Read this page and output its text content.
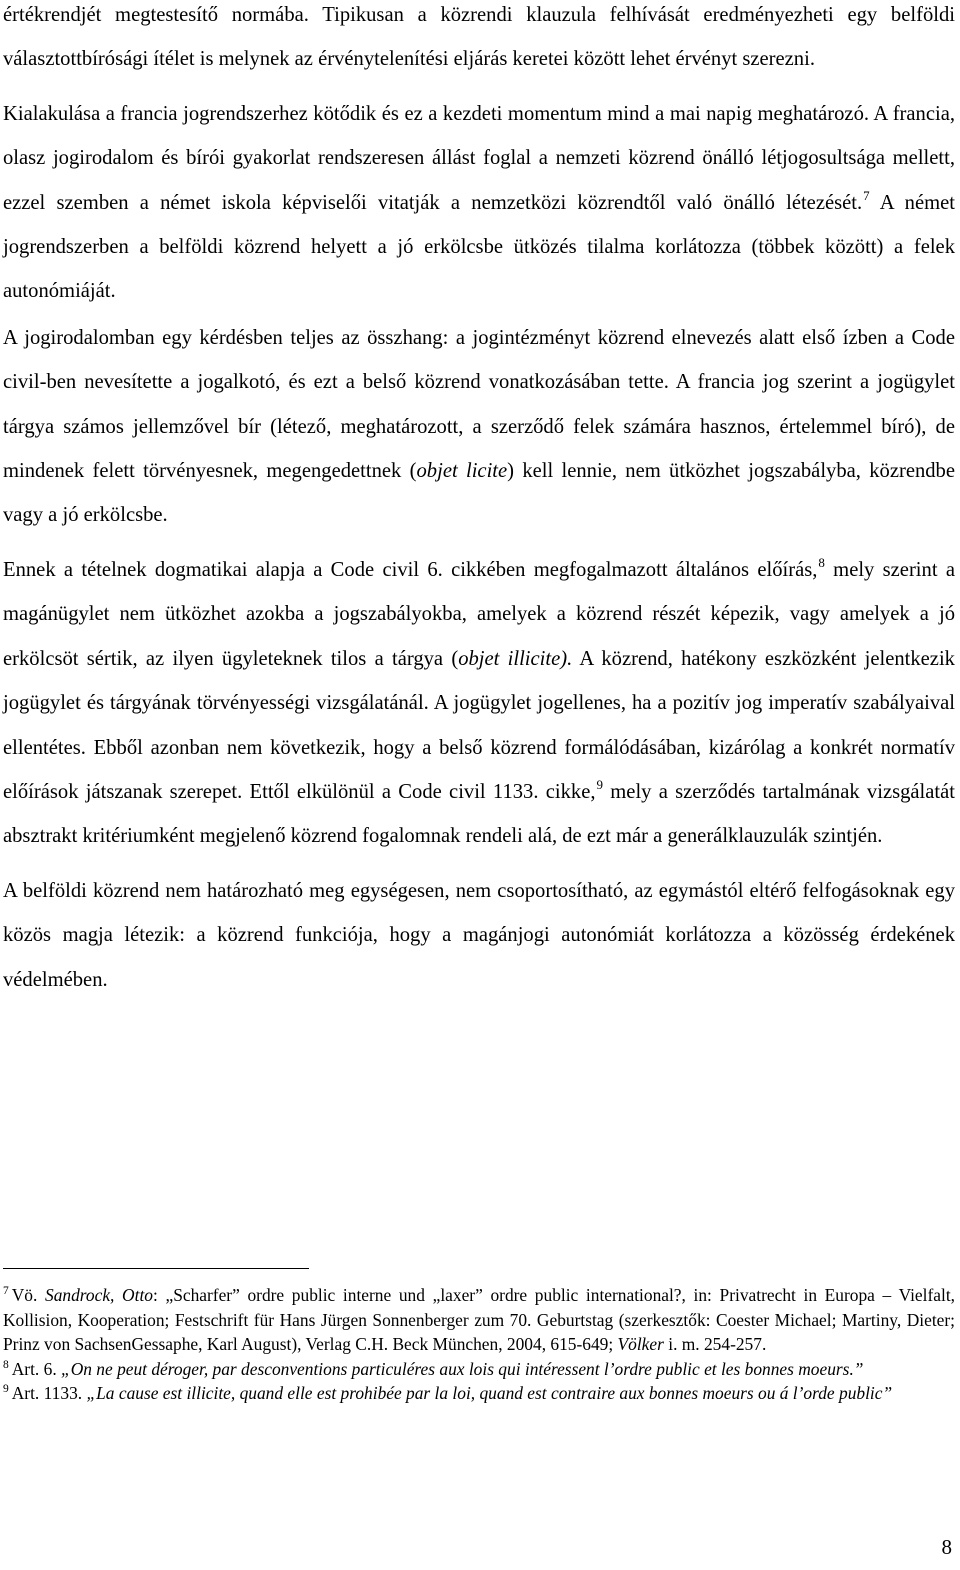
értékrendjét megtestesítő normába. Tipikusan a közrendi klauzula felhívását eredményezheti egy belföldi választottbírósági ítélet is melynek az érvénytelenítési eljárás keretei között lehet érvényt szerezni.

Kialakulása a francia jogrendszerhez kötődik és ez a kezdeti momentum mind a mai napig meghatározó. A francia, olasz jogirodalom és bírói gyakorlat rendszeresen állást foglal a nemzeti közrend önálló létjogosultsága mellett, ezzel szemben a német iskola képviselői vitatják a nemzetközi közrendtől való önálló létezését.$^7$ A német jogrendszerben a belföldi közrend helyett a jó erkölcsbe ütközés tilalma korlátozza (többek között) a felek autonómiáját.

A jogirodalomban egy kérdésben teljes az összhang: a jogintézményt közrend elnevezés alatt első ízben a Code civil-ben nevesítette a jogalkotó, és ezt a belső közrend vonatkozásában tette. A francia jog szerint a jogügylet tárgya számos jellemzővel bír (létező, meghatározott, a szerződő felek számára hasznos, értelemmel bíró), de mindenek felett törvényesnek, megengedettnek (objet licite) kell lennie, nem ütközhet jogszabályba, közrendbe vagy a jó erkölcsbe.

Ennek a tételnek dogmatikai alapja a Code civil 6. cikkében megfogalmazott általános előírás,$^8$ mely szerint a magánügylet nem ütközhet azokba a jogszabályokba, amelyek a közrend részét képezik, vagy amelyek a jó erkölcsöt sértik, az ilyen ügyleteknek tilos a tárgya (objet illicite). A közrend, hatékony eszközként jelentkezik jogügylet és tárgyának törvényességi vizsgálatánál. A jogügylet jogellenes, ha a pozitív jog imperatív szabályaival ellentétes. Ebből azonban nem következik, hogy a belső közrend formálódásában, kizárólag a konkrét normatív előírások játszanak szerepet. Ettől elkülönül a Code civil 1133. cikke,$^9$ mely a szerződés tartalmának vizsgálatát absztrakt kritériumként megjelenő közrend fogalomnak rendeli alá, de ezt már a generálklauzulák szintjén.

A belföldi közrend nem határozható meg egységesen, nem csoportosítható, az egymástól eltérő felfogásoknak egy közös magja létezik: a közrend funkciója, hogy a magánjogi autonómiát korlátozza a közösség érdekének védelmében.

$^7$ Vö. Sandrock, Otto: „Scharfer” ordre public interne und „laxer” ordre public international?, in: Privatrecht in Europa – Vielfalt, Kollision, Kooperation; Festschrift für Hans Jürgen Sonnenberger zum 70. Geburtstag (szerkesztők: Coester Michael; Martiny, Dieter; Prinz von SachsenGessaphe, Karl August), Verlag C.H. Beck München, 2004, 615-649; Völker i. m. 254-257.

$^8$ Art. 6. „On ne peut déroger, par desconventions particuléres aux lois qui intéressent l’ordre public et les bonnes moeurs.”

$^9$ Art. 1133. „La cause est illicite, quand elle est prohibée par la loi, quand est contraire aux bonnes moeurs ou á l’orde public”

8
